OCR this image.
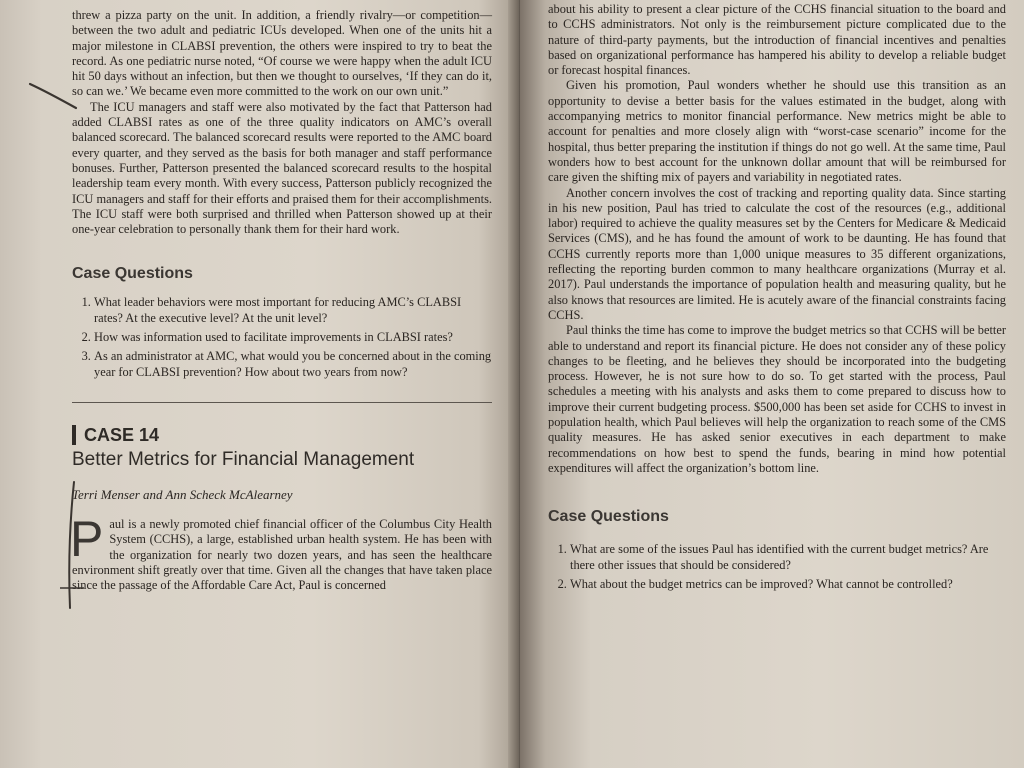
threw a pizza party on the unit. In addition, a friendly rivalry—or competition—between the two adult and pediatric ICUs developed. When one of the units hit a major milestone in CLABSI prevention, the others were inspired to try to beat the record. As one pediatric nurse noted, “Of course we were happy when the adult ICU hit 50 days without an infection, but then we thought to ourselves, ‘If they can do it, so can we.’ We became even more committed to the work on our own unit.”

The ICU managers and staff were also motivated by the fact that Patterson had added CLABSI rates as one of the three quality indicators on AMC’s overall balanced scorecard. The balanced scorecard results were reported to the AMC board every quarter, and they served as the basis for both manager and staff performance bonuses. Further, Patterson presented the balanced scorecard results to the hospital leadership team every month. With every success, Patterson publicly recognized the ICU managers and staff for their efforts and praised them for their accomplishments. The ICU staff were both surprised and thrilled when Patterson showed up at their one-year celebration to personally thank them for their hard work.

Case Questions
1. What leader behaviors were most important for reducing AMC’s CLABSI rates? At the executive level? At the unit level?
2. How was information used to facilitate improvements in CLABSI rates?
3. As an administrator at AMC, what would you be concerned about in the coming year for CLABSI prevention? How about two years from now?
CASE 14
Better Metrics for Financial Management
Terri Menser and Ann Scheck McAlearney

Paul is a newly promoted chief financial officer of the Columbus City Health System (CCHS), a large, established urban health system. He has been with the organization for nearly two dozen years, and has seen the healthcare environment shift greatly over that time. Given all the changes that have taken place since the passage of the Affordable Care Act, Paul is concerned

about his ability to present a clear picture of the CCHS financial situation to the board and to CCHS administrators. Not only is the reimbursement picture complicated due to the nature of third-party payments, but the introduction of financial incentives and penalties based on organizational performance has hampered his ability to develop a reliable budget or forecast hospital finances.

Given his promotion, Paul wonders whether he should use this transition as an opportunity to devise a better basis for the values estimated in the budget, along with accompanying metrics to monitor financial performance. New metrics might be able to account for penalties and more closely align with “worst-case scenario” income for the hospital, thus better preparing the institution if things do not go well. At the same time, Paul wonders how to best account for the unknown dollar amount that will be reimbursed for care given the shifting mix of payers and variability in negotiated rates.

Another concern involves the cost of tracking and reporting quality data. Since starting in his new position, Paul has tried to calculate the cost of the resources (e.g., additional labor) required to achieve the quality measures set by the Centers for Medicare & Medicaid Services (CMS), and he has found the amount of work to be daunting. He has found that CCHS currently reports more than 1,000 unique measures to 35 different organizations, reflecting the reporting burden common to many healthcare organizations (Murray et al. 2017). Paul understands the importance of population health and measuring quality, but he also knows that resources are limited. He is acutely aware of the financial constraints facing CCHS.

Paul thinks the time has come to improve the budget metrics so that CCHS will be better able to understand and report its financial picture. He does not consider any of these policy changes to be fleeting, and he believes they should be incorporated into the budgeting process. However, he is not sure how to do so. To get started with the process, Paul schedules a meeting with his analysts and asks them to come prepared to discuss how to improve their current budgeting process. $500,000 has been set aside for CCHS to invest in population health, which Paul believes will help the organization to reach some of the CMS quality measures. He has asked senior executives in each department to make recommendations on how best to spend the funds, bearing in mind how potential expenditures will affect the organization’s bottom line.

Case Questions
1. What are some of the issues Paul has identified with the current budget metrics? Are there other issues that should be considered?
2. What about the budget metrics can be improved? What cannot be controlled?
